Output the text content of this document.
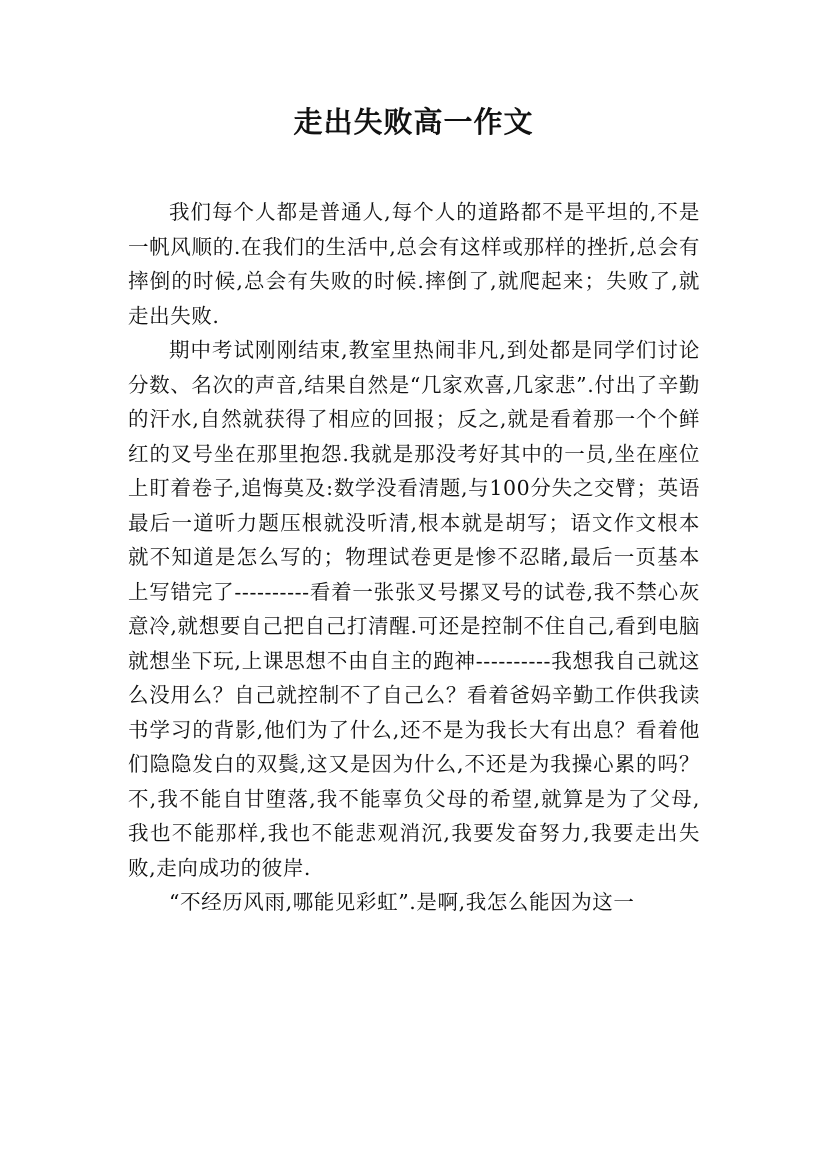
走出失败高一作文

我们每个人都是普通人,每个人的道路都不是平坦的,不是一帆风顺的.在我们的生活中,总会有这样或那样的挫折,总会有摔倒的时候,总会有失败的时候.摔倒了,就爬起来；失败了,就走出失败.

期中考试刚刚结束,教室里热闹非凡,到处都是同学们讨论分数、名次的声音,结果自然是“几家欢喜,几家悲”.付出了辛勤的汗水,自然就获得了相应的回报；反之,就是看着那一个个鲜红的叉号坐在那里抱怨.我就是那没考好其中的一员,坐在座位上盯着卷子,追悔莫及:数学没看清题,与100分失之交臂；英语最后一道听力题压根就没听清,根本就是胡写；语文作文根本就不知道是怎么写的；物理试卷更是惨不忍睹,最后一页基本上写错完了----------看着一张张叉号摞叉号的试卷,我不禁心灰意冷,就想要自己把自己打清醒.可还是控制不住自己,看到电脑就想坐下玩,上课思想不由自主的跑神----------我想我自己就这么没用么？自己就控制不了自己么？看着爸妈辛勤工作供我读书学习的背影,他们为了什么,还不是为我长大有出息？看着他们隐隐发白的双鬓,这又是因为什么,不还是为我操心累的吗？不,我不能自甘堕落,我不能辜负父母的希望,就算是为了父母,我也不能那样,我也不能悲观消沉,我要发奋努力,我要走出失败,走向成功的彼岸.

“不经历风雨,哪能见彩虹”.是啊,我怎么能因为这一
